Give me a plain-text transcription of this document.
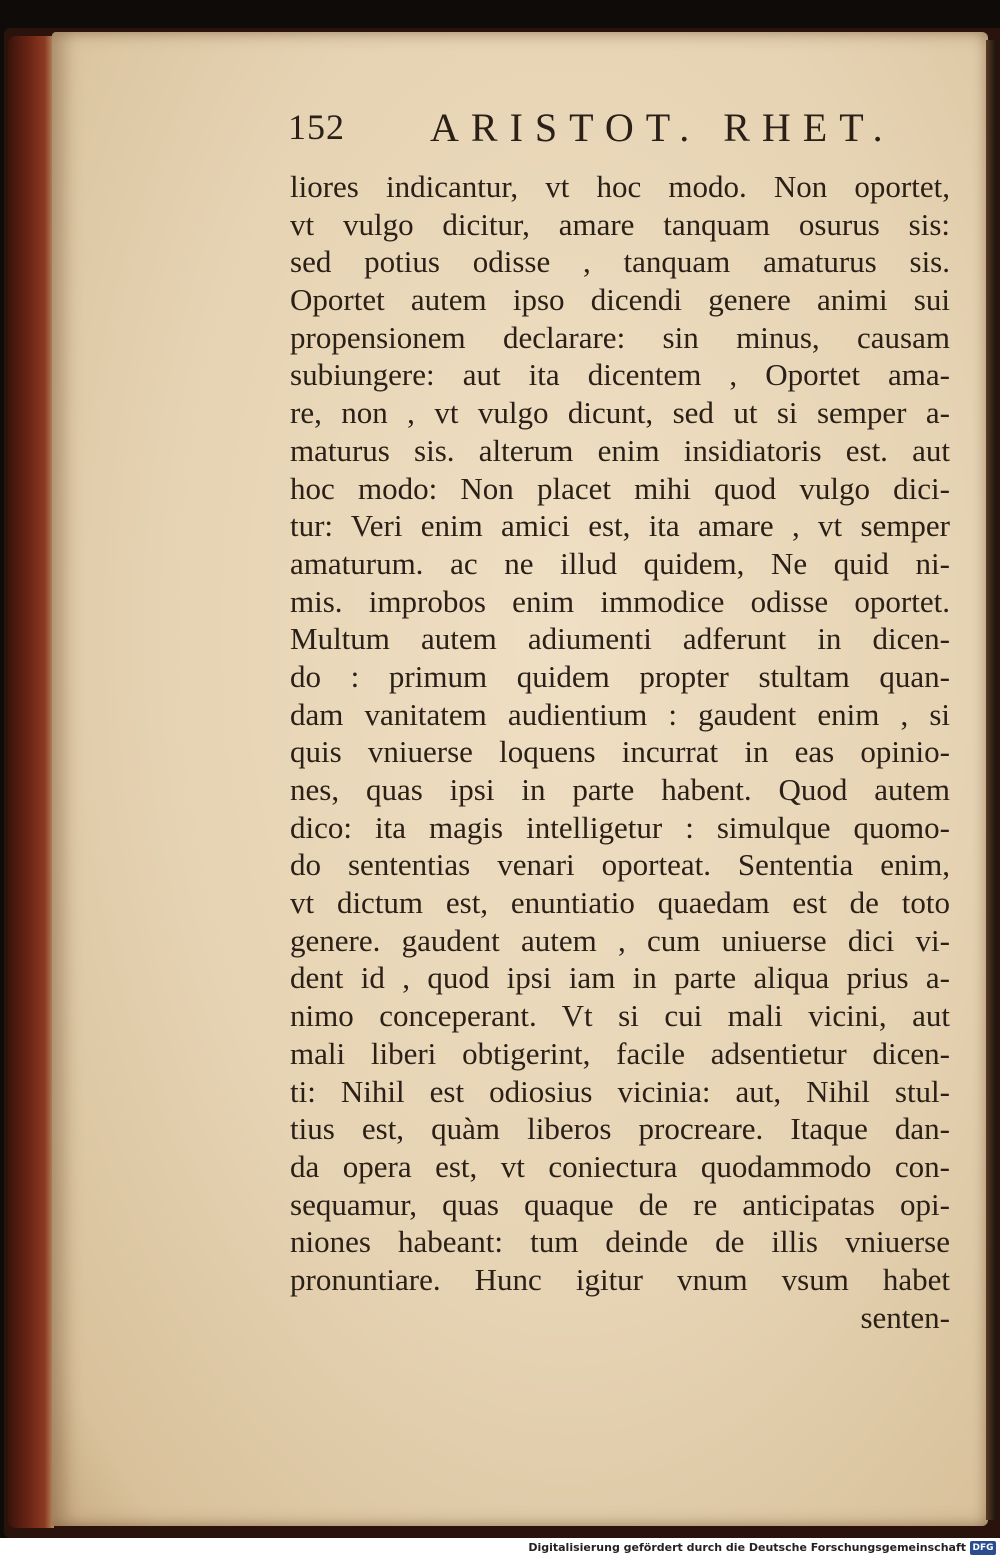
152 ARISTOT. RHET.
liores indicantur, vt hoc modo. Non oportet,
vt vulgo dicitur, amare tanquam osurus sis:
sed potius odisse , tanquam amaturus sis.
Oportet autem ipso dicendi genere animi sui
propensionem declarare: sin minus, causam
subiungere: aut ita dicentem , Oportet ama-
re, non , vt vulgo dicunt, sed ut si semper a-
maturus sis. alterum enim insidiatoris est. aut
hoc modo: Non placet mihi quod vulgo dici-
tur: Veri enim amici est, ita amare , vt semper
amaturum. ac ne illud quidem, Ne quid ni-
mis. improbos enim immodice odisse oportet.
Multum autem adiumenti adferunt in dicen-
do : primum quidem propter stultam quan-
dam vanitatem audientium : gaudent enim , si
quis vniuerse loquens incurrat in eas opinio-
nes, quas ipsi in parte habent. Quod autem
dico: ita magis intelligetur : simulque quomo-
do sententias venari oporteat. Sententia enim,
vt dictum est, enuntiatio quaedam est de toto
genere. gaudent autem , cum uniuerse dici vi-
dent id , quod ipsi iam in parte aliqua prius a-
nimo conceperant. Vt si cui mali vicini, aut
mali liberi obtigerint, facile adsentietur dicen-
ti: Nihil est odiosius vicinia: aut, Nihil stul-
tius est, quàm liberos procreare. Itaque dan-
da opera est, vt coniectura quodammodo con-
sequamur, quas quaque de re anticipatas opi-
niones habeant: tum deinde de illis vniuerse
pronuntiare. Hunc igitur vnum vsum habet
senten-
Digitalisierung gefördert durch die Deutsche Forschungsgemeinschaft DFG
